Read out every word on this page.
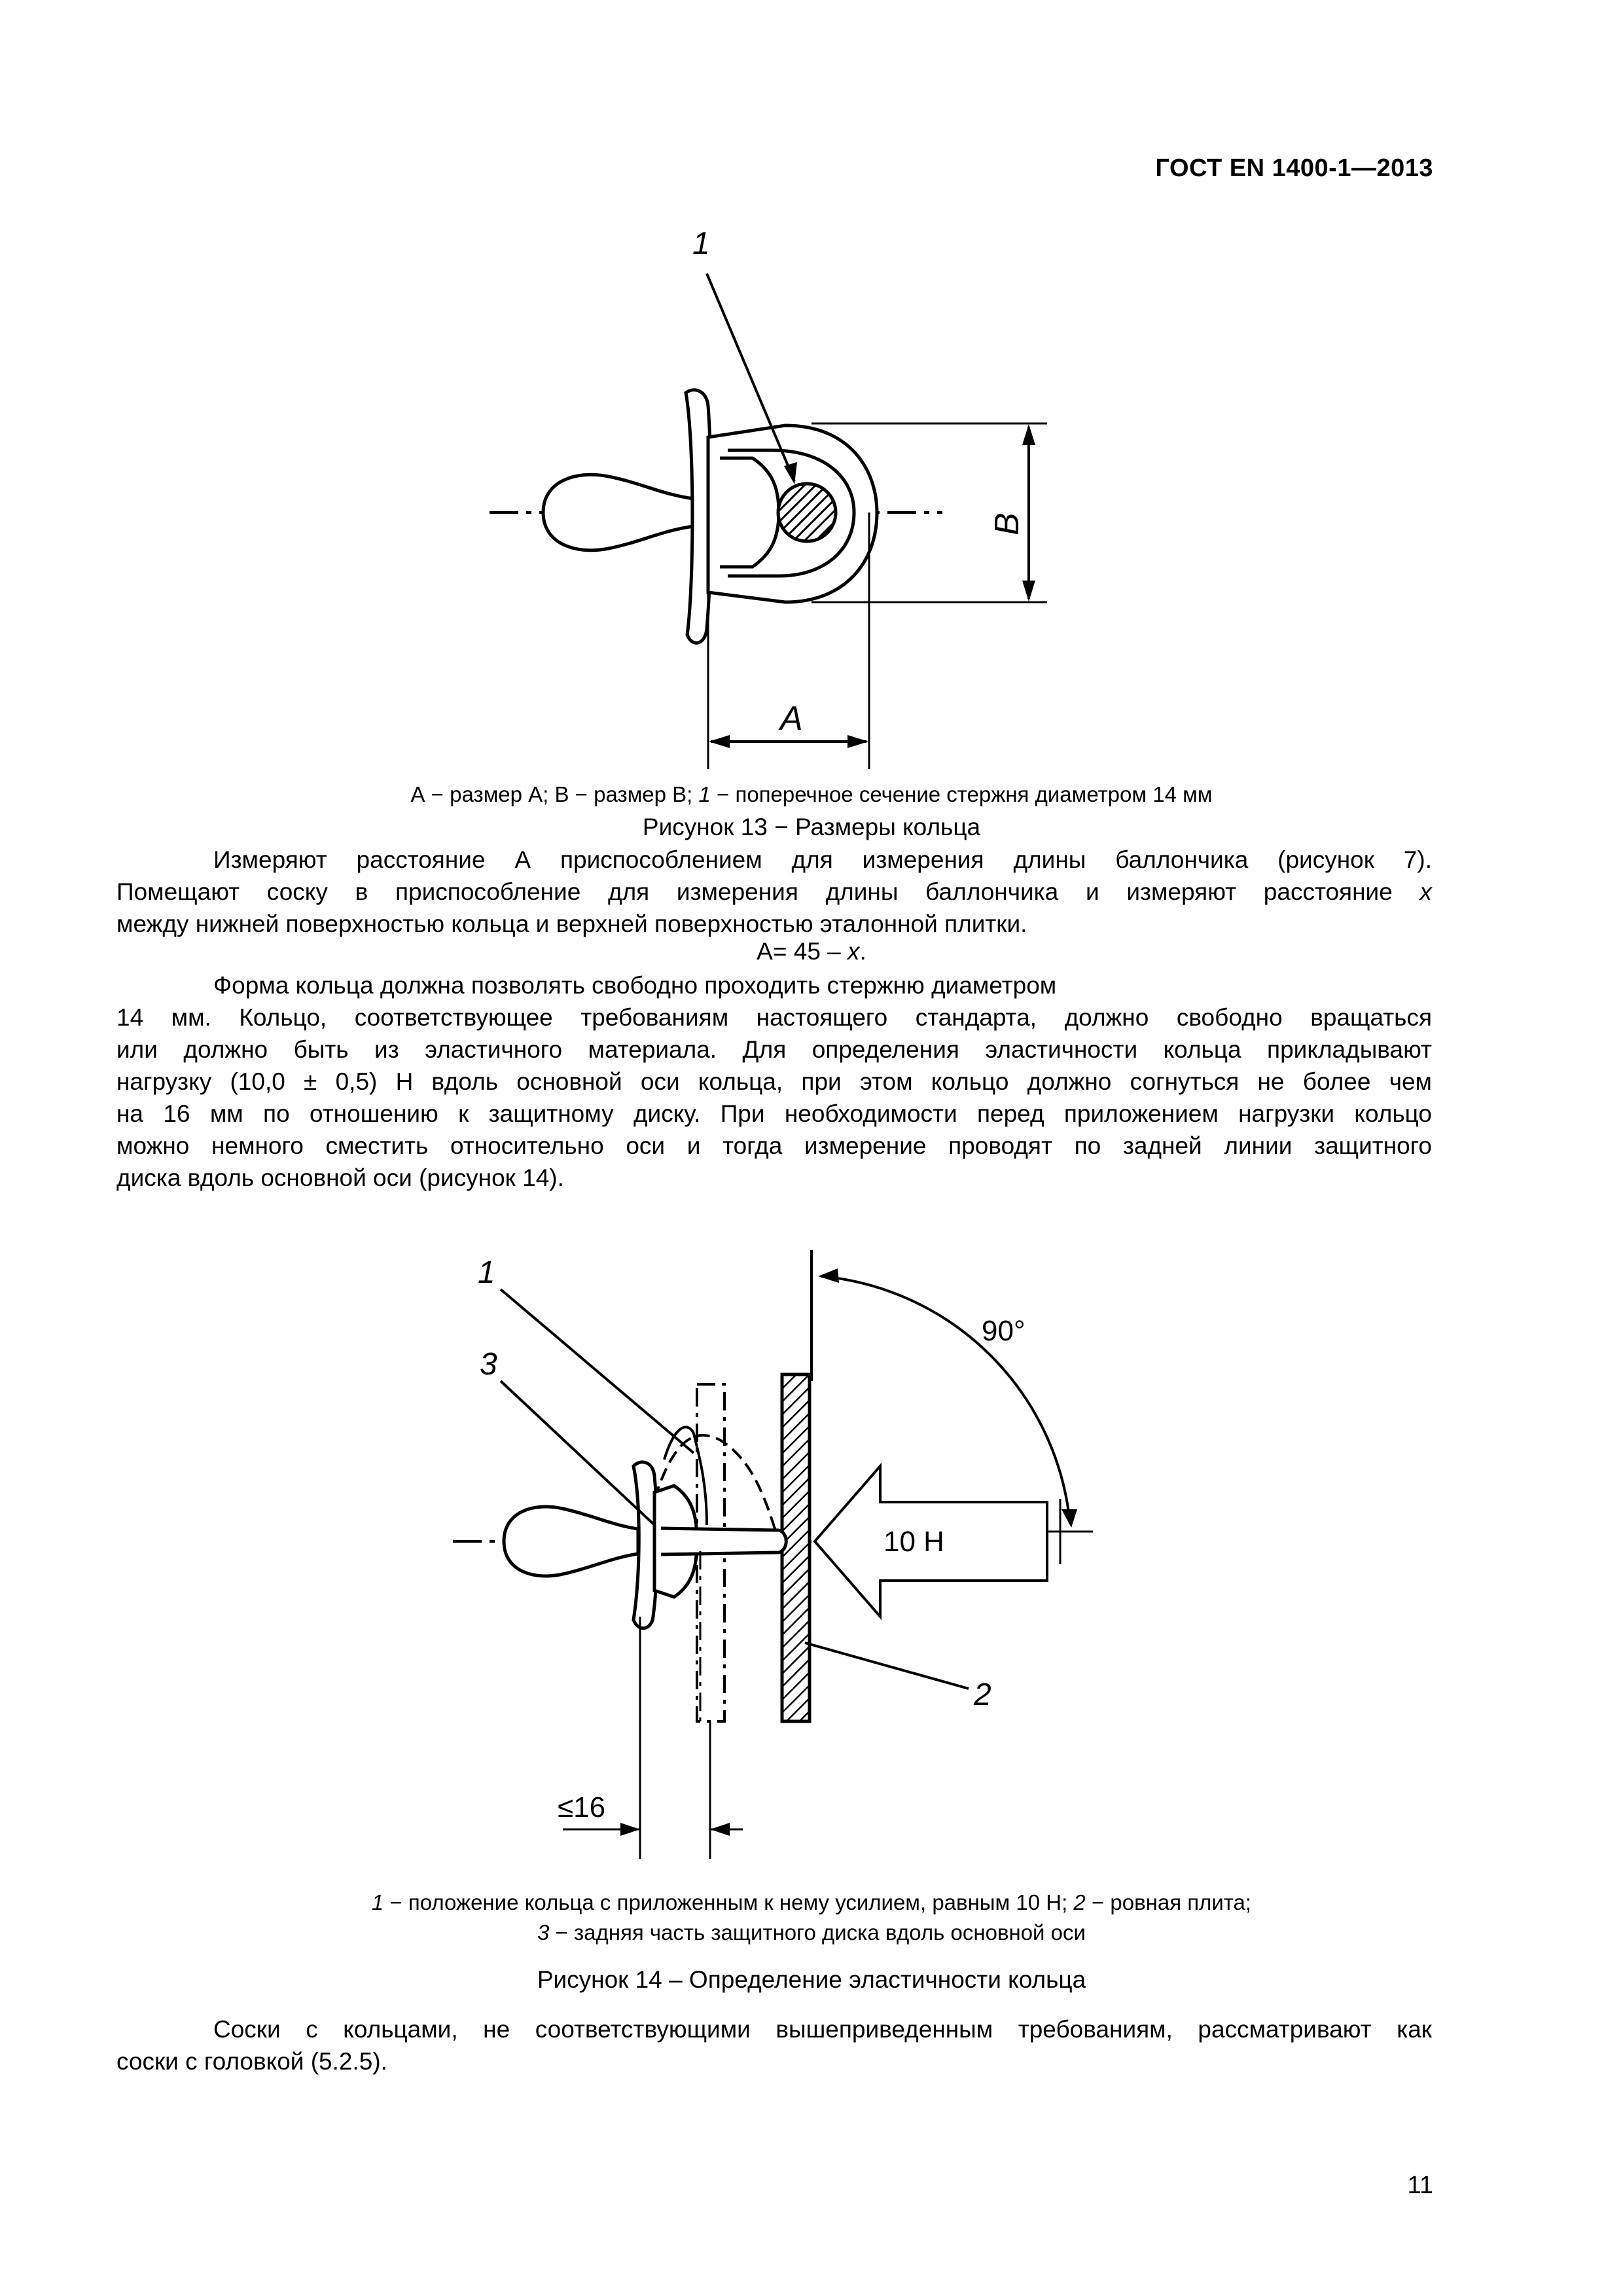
ГОСТ EN 1400-1—2013
1
A
B
А − размер А; В − размер В; 1 − поперечное сечение стержня диаметром 14 мм
Рисунок 13 − Размеры кольца
Измеряют расстояние А приспособлением для измерения длины баллончика (рисунок 7).
Помещают соску в приспособление для измерения длины баллончика и измеряют расстояние x
между нижней поверхностью кольца и верхней поверхностью эталонной плитки.
А= 45 – x.
Форма кольца должна позволять свободно проходить стержню диаметром
14 мм. Кольцо, соответствующее требованиям настоящего стандарта, должно свободно вращаться
или должно быть из эластичного материала. Для определения эластичности кольца прикладывают
нагрузку (10,0 ± 0,5) Н вдоль основной оси кольца, при этом кольцо должно согнуться не более чем
на 16 мм по отношению к защитному диску. При необходимости перед приложением нагрузки кольцо
можно немного сместить относительно оси и тогда измерение проводят по задней линии защитного
диска вдоль основной оси (рисунок 14).
1
3
2
90°
10 Н
≤16
1 − положение кольца с приложенным к нему усилием, равным 10 Н; 2 − ровная плита;
3 − задняя часть защитного диска вдоль основной оси
Рисунок 14 – Определение эластичности кольца
Соски с кольцами, не соответствующими вышеприведенным требованиям, рассматривают как
соски с головкой (5.2.5).
11
